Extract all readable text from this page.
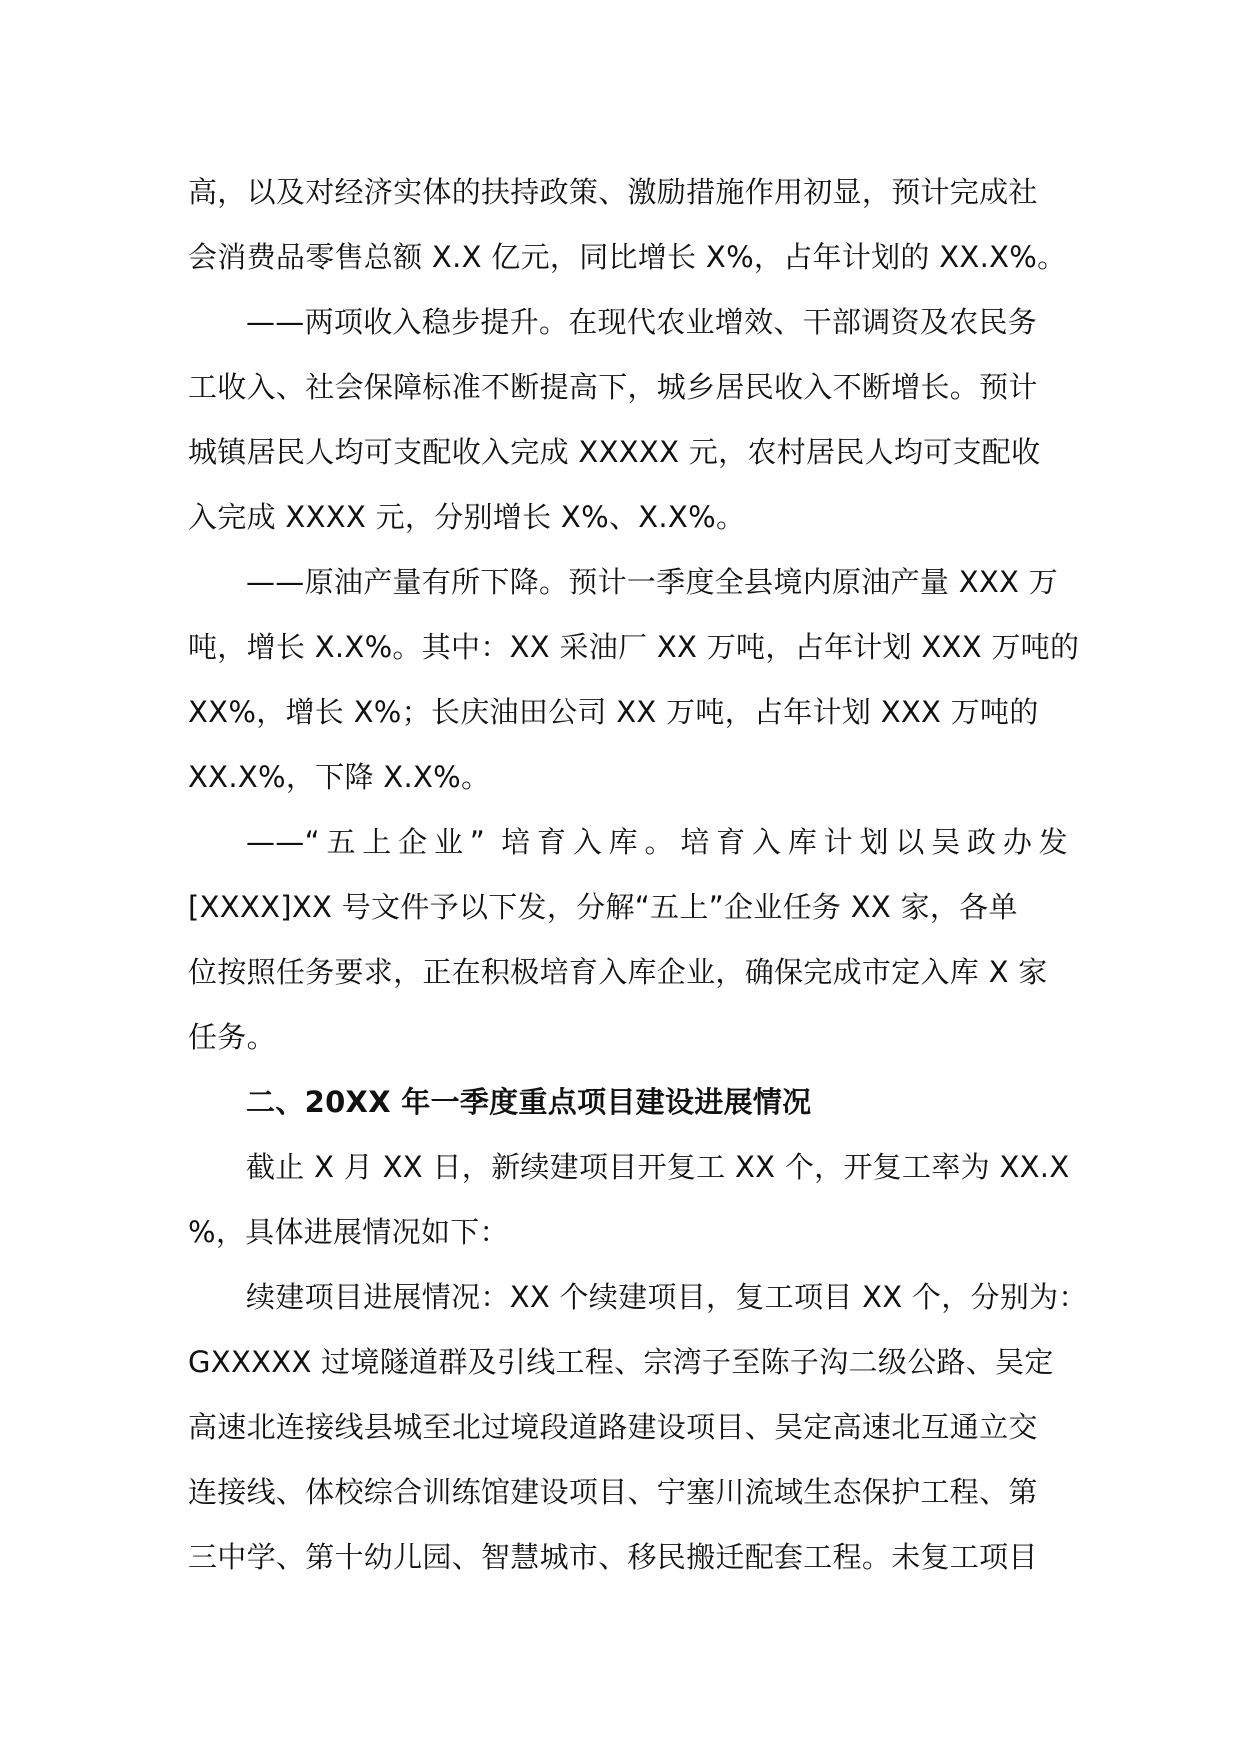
高，以及对经济实体的扶持政策、激励措施作用初显，预计完成社
会消费品零售总额 X.X 亿元，同比增长 X%，占年计划的 XX.X%。
——两项收入稳步提升。在现代农业增效、干部调资及农民务
工收入、社会保障标准不断提高下，城乡居民收入不断增长。预计
城镇居民人均可支配收入完成 XXXXX 元，农村居民人均可支配收
入完成 XXXX 元，分别增长 X%、X.X%。
——原油产量有所下降。预计一季度全县境内原油产量 XXX 万
吨，增长 X.X%。其中：XX 采油厂 XX 万吨，占年计划 XXX 万吨的
XX%，增长 X%；长庆油田公司 XX 万吨，占年计划 XXX 万吨的
XX.X%，下降 X.X%。
——“五上企业” 培育入库。培育入库计划以吴政办发
[XXXX]XX 号文件予以下发，分解“五上”企业任务 XX 家，各单
位按照任务要求，正在积极培育入库企业，确保完成市定入库 X 家
任务。
二、20XX 年一季度重点项目建设进展情况
截止 X 月 XX 日，新续建项目开复工 XX 个，开复工率为 XX.X
%，具体进展情况如下：
续建项目进展情况：XX 个续建项目，复工项目 XX 个，分别为：
GXXXXX 过境隧道群及引线工程、宗湾子至陈子沟二级公路、吴定
高速北连接线县城至北过境段道路建设项目、吴定高速北互通立交
连接线、体校综合训练馆建设项目、宁塞川流域生态保护工程、第
三中学、第十幼儿园、智慧城市、移民搬迁配套工程。未复工项目
